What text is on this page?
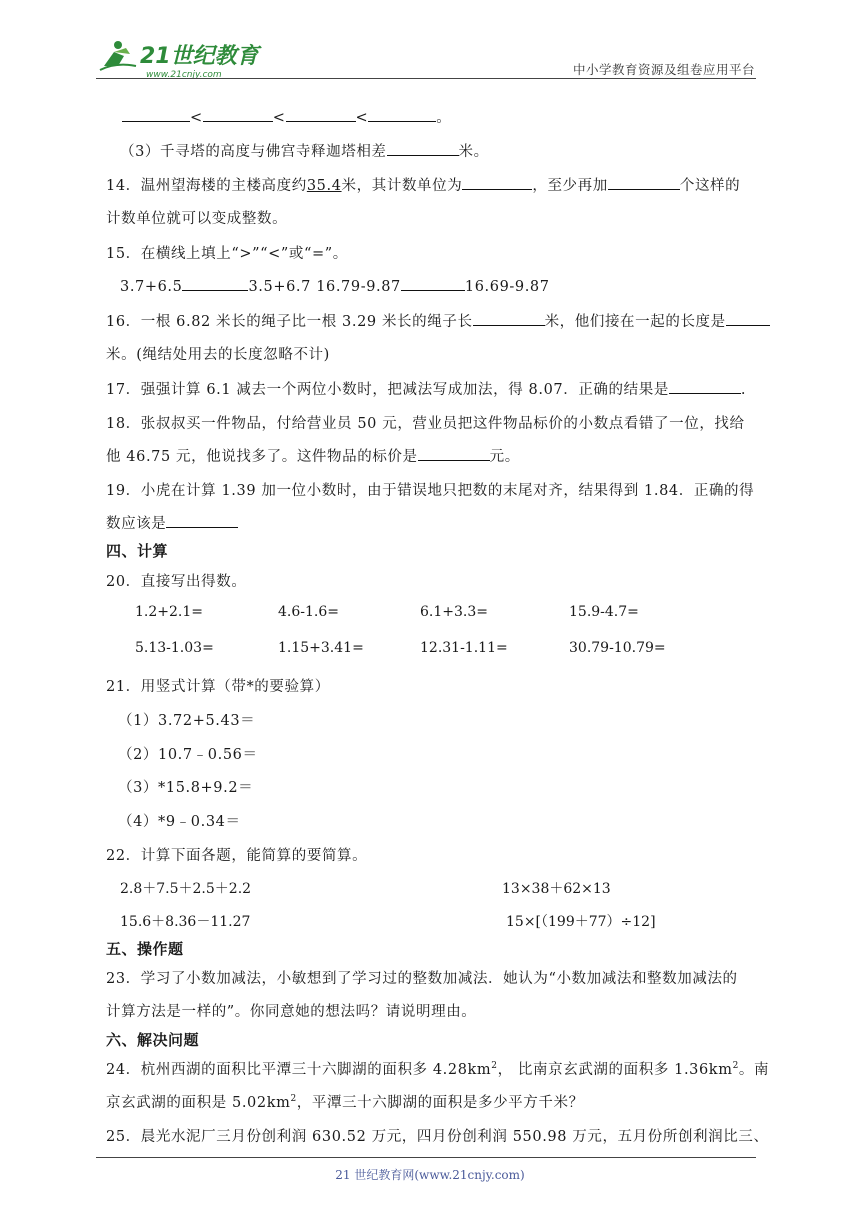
21世纪教育
www.21cnjy.com	中小学教育资源及组卷应用平台
<	<	<	。
（3）千寻塔的高度与佛宫寺释迦塔相差	米。
14．温州望海楼的主楼高度约35.4米，其计数单位为	，至少再加	个这样的
计数单位就可以变成整数。
15．在横线上填上“>”“<”或“=”。
3.7+6.5	3.5+6.7 16.79-9.87	16.69-9.87
16．一根 6.82 米长的绳子比一根 3.29 米长的绳子长	米，他们接在一起的长度是
米。(绳结处用去的长度忽略不计)
17．强强计算 6.1 减去一个两位小数时，把减法写成加法，得 8.07．正确的结果是	.
18．张叔叔买一件物品，付给营业员 50 元，营业员把这件物品标价的小数点看错了一位，找给
他 46.75 元，他说找多了。这件物品的标价是	元。
19．小虎在计算 1.39 加一位小数时，由于错误地只把数的末尾对齐，结果得到 1.84．正确的得
数应该是
四、计算
20．直接写出得数。
1.2+2.1=	4.6-1.6=	6.1+3.3=	15.9-4.7=
5.13-1.03=	1.15+3.41=	12.31-1.11=	30.79-10.79=
21．用竖式计算（带*的要验算）
（1）3.72+5.43＝
（2）10.7﹣0.56＝
（3）*15.8+9.2＝
（4）*9﹣0.34＝
22．计算下面各题，能简算的要简算。
2.8＋7.5＋2.5＋2.2	13×38＋62×13
15.6＋8.36－11.27	15×[（199＋77）÷12]
五、操作题
23．学习了小数加减法，小敏想到了学习过的整数加减法．她认为“小数加减法和整数加减法的
计算方法是一样的”。你同意她的想法吗？请说明理由。
六、解决问题
24．杭州西湖的面积比平潭三十六脚湖的面积多 $4.28km^2$， 比南京玄武湖的面积多 $1.36km^2$。南
京玄武湖的面积是 $5.02km^2$，平潭三十六脚湖的面积是多少平方千米？
25．晨光水泥厂三月份创利润 630.52 万元，四月份创利润 550.98 万元，五月份所创利润比三、
21 世纪教育网(www.21cnjy.com)
